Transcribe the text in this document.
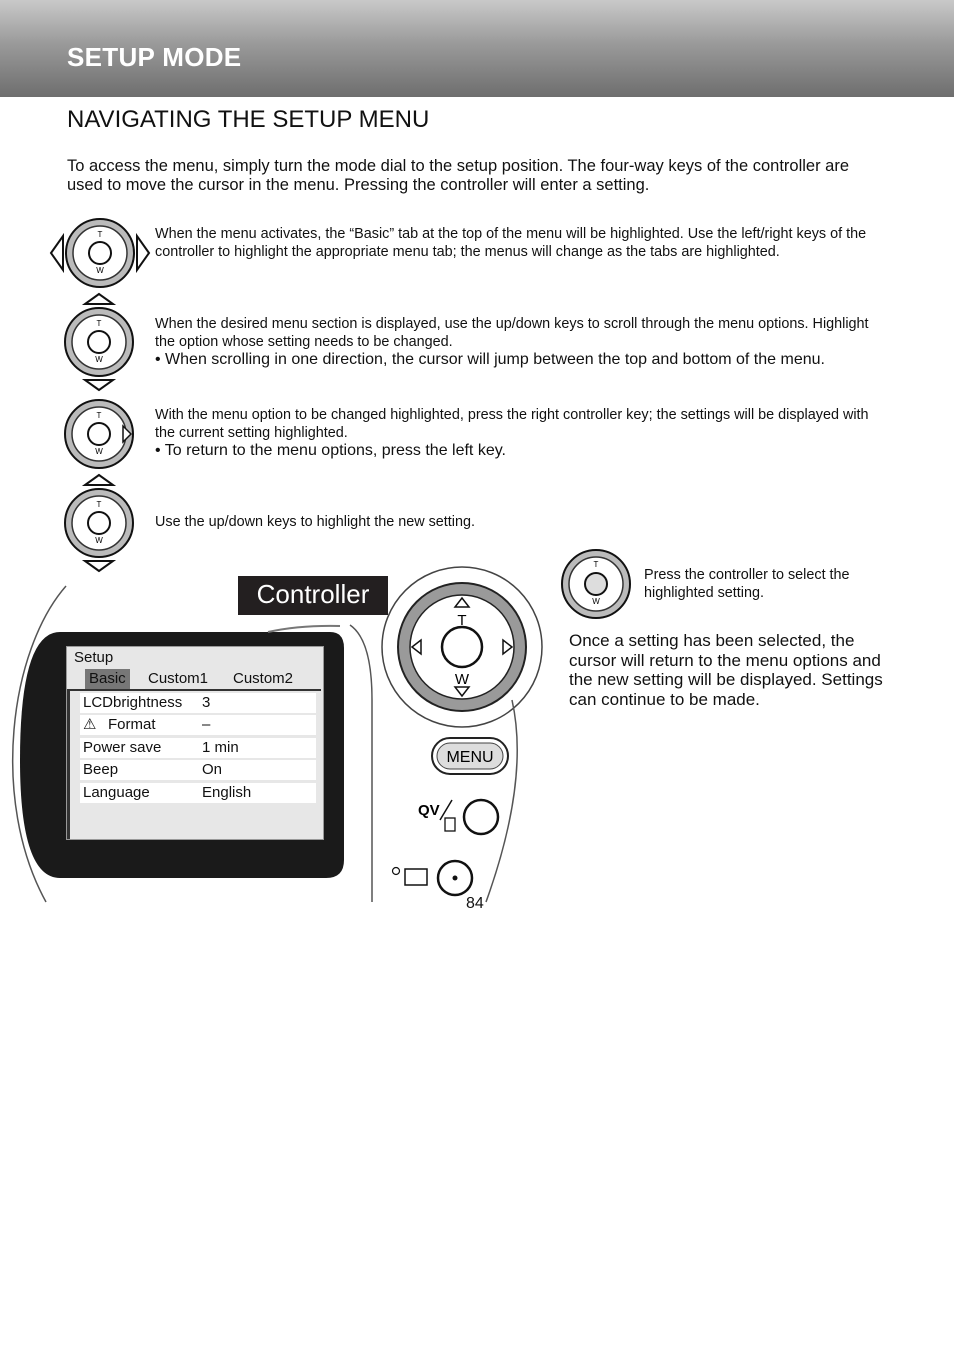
SETUP MODE
NAVIGATING THE SETUP MENU

To access the menu, simply turn the mode dial to the setup position. The four-way keys of the controller are used to move the cursor in the menu. Pressing the controller will enter a setting.

T
W

When the menu activates, the “Basic” tab at the top of the menu will be highlighted. Use the left/right keys of the controller to highlight the appropriate menu tab; the menus will change as the tabs are highlighted.

T
W

When the desired menu section is displayed, use the up/down keys to scroll through the menu options. Highlight the option whose setting needs to be changed.
• When scrolling in one direction, the cursor will jump between the top and bottom of the menu.

T
W

With the menu option to be changed highlighted, press the right controller key; the settings will be displayed with the current setting highlighted.
• To return to the menu options, press the left key.

T
W

Use the up/down keys to highlight the new setting.

T
W
MENU
QV
Setup
Basic Custom1 Custom2
LCDbrightness 3
⚠ Format	–
Power save	1 min
Beep	On
Language	English
Controller
T
W

Press the controller to select the highlighted setting.

Once a setting has been selected, the cursor will return to the menu options and the new setting will be displayed. Settings can continue to be made.

84
